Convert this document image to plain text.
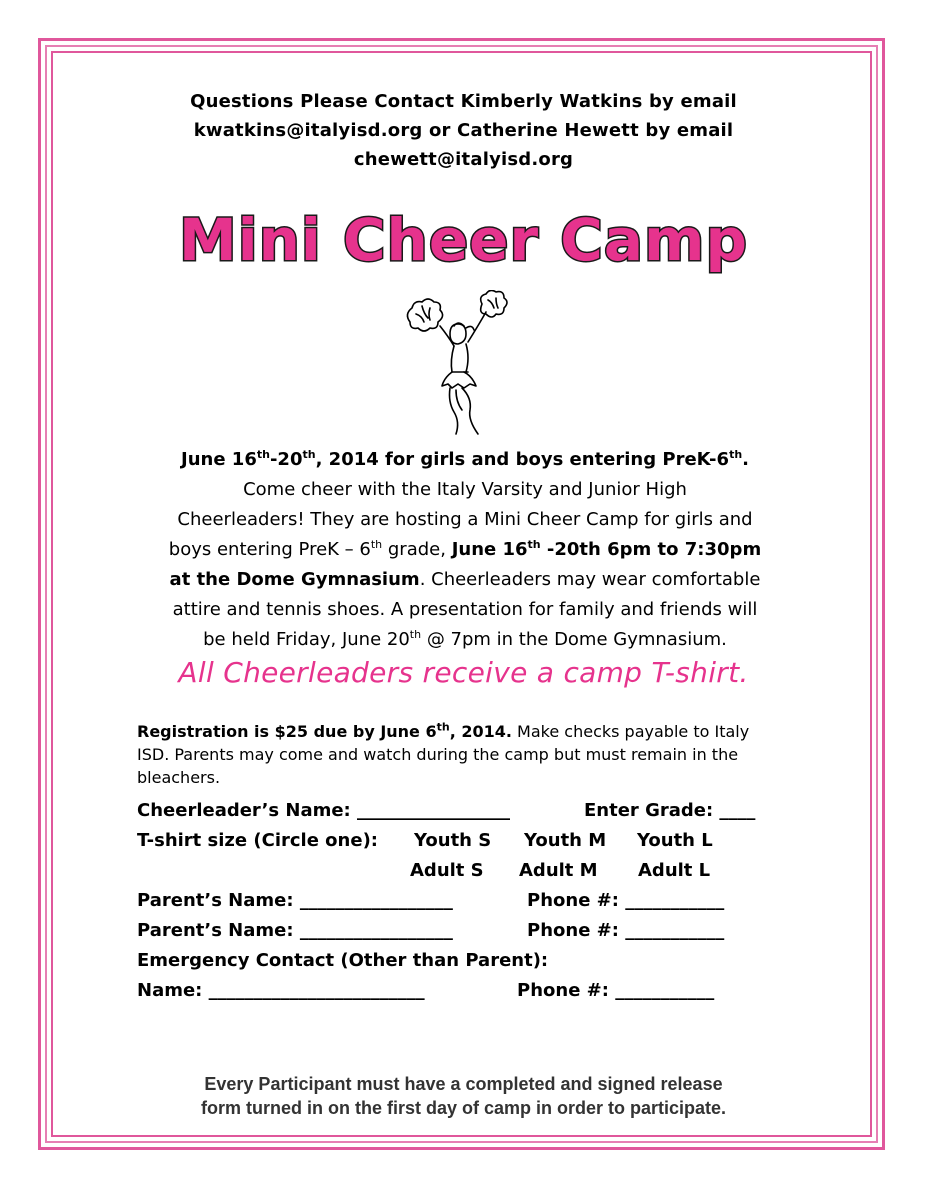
Questions Please Contact Kimberly Watkins by email
kwatkins@italyisd.org or Catherine Hewett by email
chewett@italyisd.org
Mini Cheer Camp
June 16th-20th, 2014 for girls and boys entering PreK-6th.
Come cheer with the Italy Varsity and Junior High
Cheerleaders! They are hosting a Mini Cheer Camp for girls and
boys entering PreK – 6th grade, June 16th -20th 6pm to 7:30pm
at the Dome Gymnasium. Cheerleaders may wear comfortable
attire and tennis shoes. A presentation for family and friends will
be held Friday, June 20th @ 7pm in the Dome Gymnasium.
All Cheerleaders receive a camp T-shirt.
Registration is $25 due by June 6th, 2014. Make checks payable to Italy
ISD. Parents may come and watch during the camp but must remain in the
bleachers.
Cheerleader’s Name: _________________	Enter Grade: ____
T-shirt size (Circle one): Youth S Youth M Youth L
Adult S Adult M Adult L
Parent’s Name: _________________	Phone #: ___________
Parent’s Name: _________________	Phone #: ___________
Emergency Contact (Other than Parent):
Name: ________________________	Phone #: ___________
Every Participant must have a completed and signed release
form turned in on the first day of camp in order to participate.
